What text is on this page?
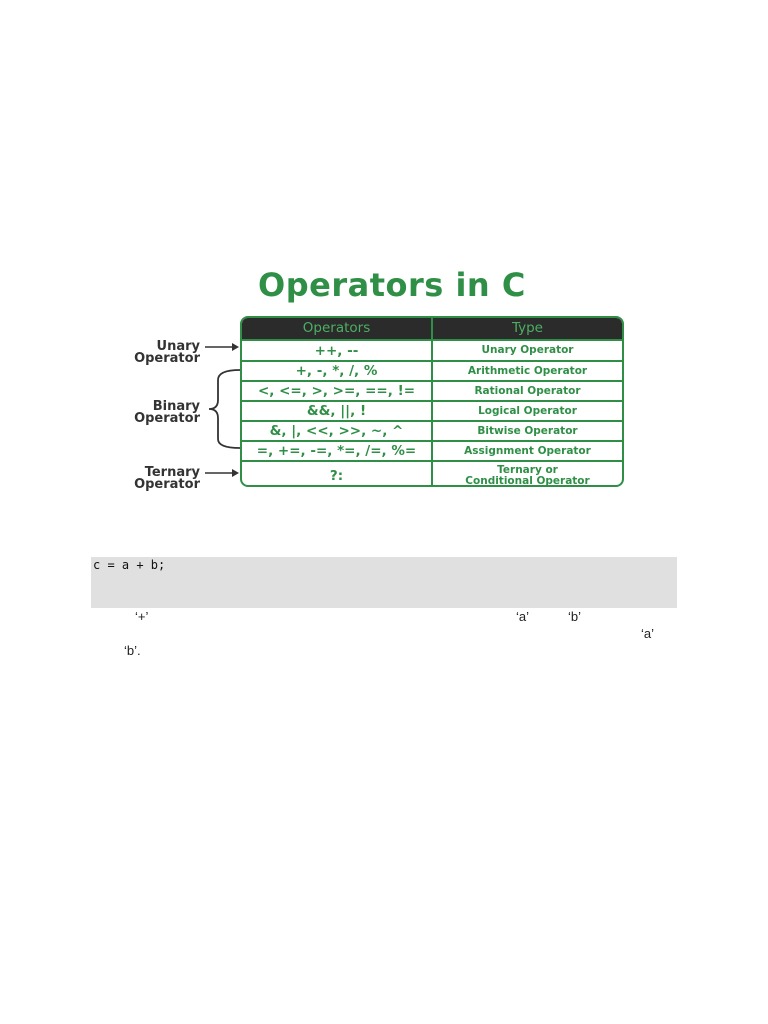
Operators in C
Unary
Operator
Binary
Operator
Ternary
Operator
Operators	Type
++, --	Unary Operator
+, -, *, /, %	Arithmetic Operator
<, <=, >, >=, ==, !=	Rational Operator
&&, ||, !	Logical Operator
&, |, <<, >>, ~, ^	Bitwise Operator
=, +=, -=, *=, /=, %=	Assignment Operator
?:	Ternary or
Conditional Operator
c = a + b;
‘+’	‘a’	‘b’
‘a’
‘b’.
